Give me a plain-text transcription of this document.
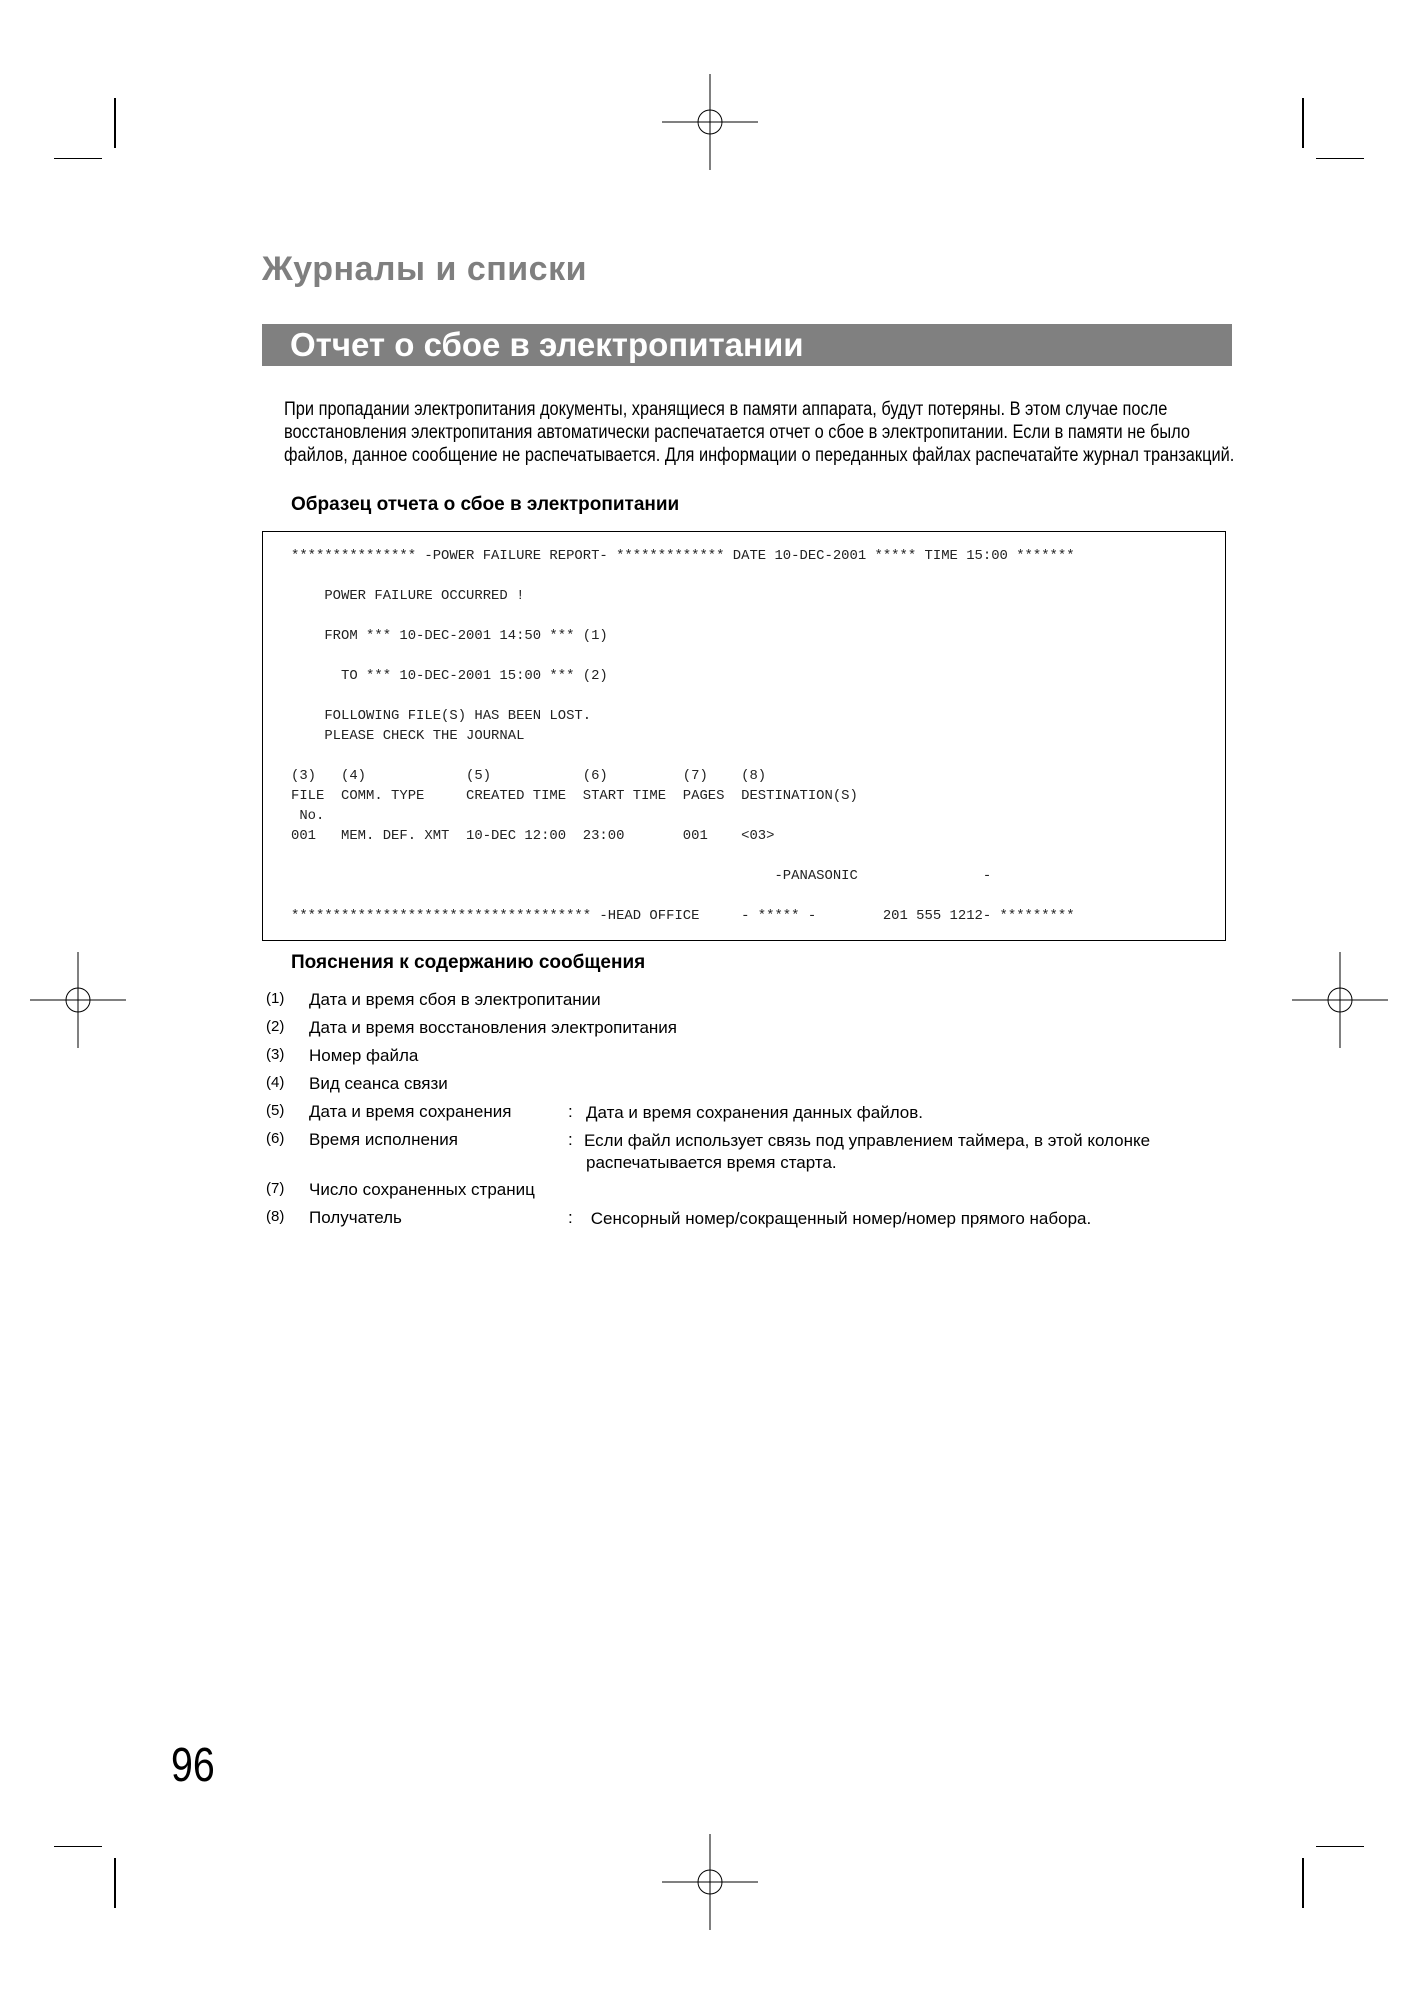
Журналы и списки
Отчет о сбое в электропитании

При пропадании электропитания документы, хранящиеся в памяти аппарата, будут потеряны. В этом случае после

восстановления электропитания автоматически распечатается отчет о сбое в электропитании. Если в памяти не было

файлов, данное сообщение не распечатывается. Для информации о переданных файлах распечатайте журнал транзакций.

Образец отчета о сбое в электропитании
*************** -POWER FAILURE REPORT- ************* DATE 10-DEC-2001 ***** TIME 15:00 *******

POWER FAILURE OCCURRED !

FROM *** 10-DEC-2001 14:50 *** (1)

TO *** 10-DEC-2001 15:00 *** (2)

FOLLOWING FILE(S) HAS BEEN LOST.
PLEASE CHECK THE JOURNAL

(3)   (4)            (5)           (6)         (7)    (8)
FILE  COMM. TYPE     CREATED TIME  START TIME  PAGES  DESTINATION(S)
No.
001   MEM. DEF. XMT  10-DEC 12:00  23:00       001    <03>

-PANASONIC               -

************************************ -HEAD OFFICE     - ***** -        201 555 1212- *********
Пояснения к содержанию сообщения
(1) Дата и время сбоя в электропитании
(2) Дата и время восстановления электропитания
(3) Номер файла
(4) Вид сеанса связи
(5) Дата и время сохранения	: Дата и время сохранения данных файлов.
(6) Время исполнения	: Если файл использует связь под управлением таймера, в этой колонке
распечатывается время старта.
(7) Число сохраненных страниц
(8) Получатель	: Сенсорный номер/сокращенный номер/номер прямого набора.
96
